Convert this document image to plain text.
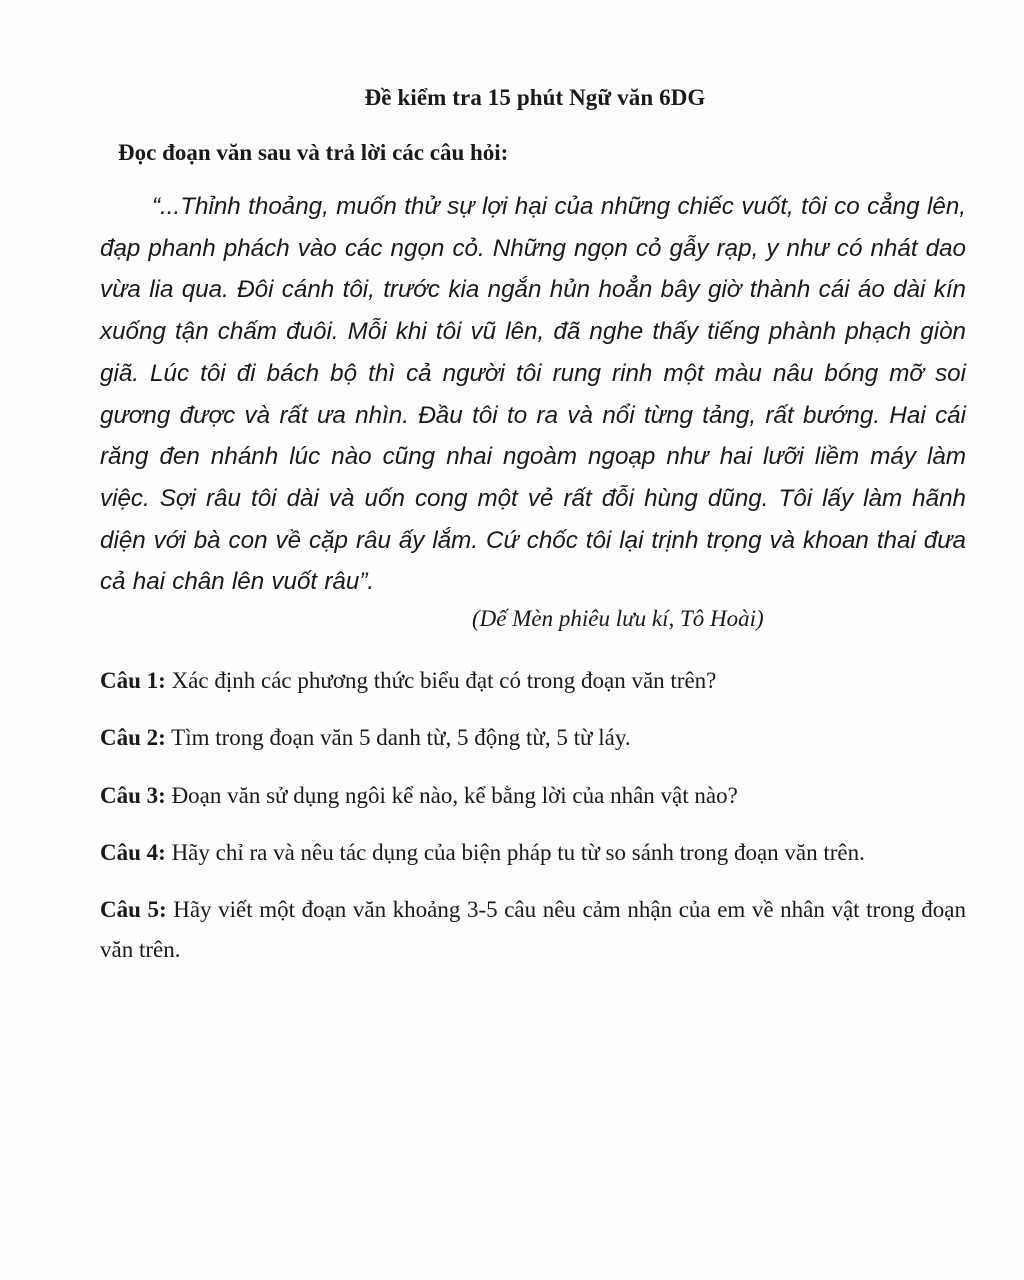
Đề kiểm tra 15 phút Ngữ văn 6DG
Đọc đoạn văn sau và trả lời các câu hỏi:

“...Thỉnh thoảng, muốn thử sự lợi hại của những chiếc vuốt, tôi co cẳng lên, đạp phanh phách vào các ngọn cỏ. Những ngọn cỏ gẫy rạp, y như có nhát dao vừa lia qua. Đôi cánh tôi, trước kia ngắn hủn hoẳn bây giờ thành cái áo dài kín xuống tận chấm đuôi. Mỗi khi tôi vũ lên, đã nghe thấy tiếng phành phạch giòn giã. Lúc tôi đi bách bộ thì cả người tôi rung rinh một màu nâu bóng mỡ soi gương được và rất ưa nhìn. Đầu tôi to ra và nổi từng tảng, rất bướng. Hai cái răng đen nhánh lúc nào cũng nhai ngoàm ngoạp như hai lưỡi liềm máy làm việc. Sợi râu tôi dài và uốn cong một vẻ rất đỗi hùng dũng. Tôi lấy làm hãnh diện với bà con về cặp râu ấy lắm. Cứ chốc tôi lại trịnh trọng và khoan thai đưa cả hai chân lên vuốt râu”.

(Dế Mèn phiêu lưu kí, Tô Hoài)

Câu 1: Xác định các phương thức biểu đạt có trong đoạn văn trên?

Câu 2: Tìm trong đoạn văn 5 danh từ, 5 động từ, 5 từ láy.

Câu 3: Đoạn văn sử dụng ngôi kể nào, kể bằng lời của nhân vật nào?

Câu 4: Hãy chỉ ra và nêu tác dụng của biện pháp tu từ so sánh trong đoạn văn trên.

Câu 5: Hãy viết một đoạn văn khoảng 3-5 câu nêu cảm nhận của em về nhân vật trong đoạn văn trên.
